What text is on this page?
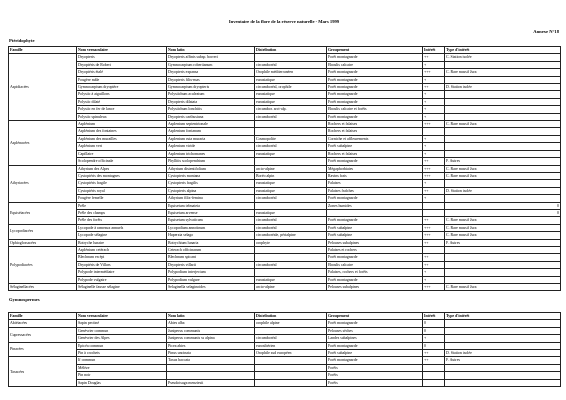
Inventaire de la flore de la réserve naturelle - Mars 1999
Annexe N°18
Ptéridophyte
Famille	Nom vernaculaire	Nom latin	Distribution	Groupement	Intérêt	Type d'intérêt
Aspidiacées	Dryopteris	Dryopteris affinis subsp. borreri		Forêt montagnarde	++	C. Station isolée
	Dryoptéris de Robert	Gymnocarpium robertianum	circumboréal	Eboulis calcaire	+	
	Dryoptéris étalé	Dryopteris expansa	Orophile méditerranéen	Forêt montagnarde	+++	C. Rare massif Jura
	Fougère mâle	Dryopteris filix-mas	eurasiatique	Forêt montagnarde	+	
	Gymnocarpium dryoptère	Gymnocarpium dryopteris	circumboréal, orophile	Forêt montagnarde	++	D. Station isolée
	Polystic à aiguillons	Polystichum aculeatum	eurasiatique	Forêt montagnarde	+	
	Polystic dilaté	Dryopteris dilatata	eurasiatique	Forêt montagnarde	+	
	Polystic en fer de lance	Polystichum lonchitis	circumbor. arct-alp.	Eboulis calcaire et forêts	+	
	Polystic spinuleux	Dryopteris carthusiana	circumboréal	Forêt montagnarde	+	
Asplénacées	Asplénium	Asplenium septentrionale		Rochers et falaises	+++	C. Rare massif Jura
	Asplénium des fontaines	Asplenium fontanum		Rochers et falaises		
	Asplénium des murailles	Asplenium ruta muraria	Cosmopolite	Corniche et affleurements	+	
	Asplénium vert	Asplenium viride	circumboréal	Forêt subalpine	+	
	Capillaire	Asplenium trichomanes	eurasiatique	Rochers et falaises	+	
	Scolopendre officinale	Phyllitis scolopendrium		Forêt montagnarde	++	F. Autres
Athyriacées	Athyrium des Alpes	Athyrium distentifolium	arcto-alpine	Mégaphorbiaies	+++	C. Rare massif Jura
	Cystoptéris des montagnes	Cystopteris montana	Boréo alpin	Ravins frais	+++	C. Rare massif Jura
	Cystoptéris fragile	Cystopteris fragilis	eurasiatique	Falaises	+	
	Cystoptéris royal	Cystopteris alpina	eurasiatique	Falaises fraîches	++	D. Station isolée
	Fougère femelle	Athyrium filix-femina	circumboréal	Forêt montagnarde	+	
Equisétacées	Prêle	Equisetum telmateia		Zones humides		0
	Prêle des champs	Equisetum arvense	eurasiatique			0
	Prêle des forêts	Equisetum sylvaticum	circumboréal	Forêt montagnarde	++	C. Rare massif Jura
Lycopodiacées	Lycopode à rameaux annuels	Lycopodium annotinum	circumboréal	Forêt subalpine	+++	C. Rare massif Jura
	Lycopode sélagine	Huperzia selago	circumboréale, périalpine	Forêt subalpine	+++	C. Rare massif Jura
Ophioglossacées	Botryche lunaire	Botrychium lunaria	orophyte	Pelouses subalpines	++	F. Autres
Polypodiacées	Asplénium cetérach	Ceterach officinarum		Falaises et rochers		
	Blechnum en épi	Blechnum spicant		Forêt montagnarde	++	
	Dryoptéris de Villars	Dryopteris villarii	circumboréal	Eboulis calcaire	++	
	Polypode intermédiaire	Polypodium interjectum		Falaises, rochers et forêts	+	
	Polypode vulgaire	Polypodium vulgare	eurasiatique	Forêt montagnarde	+	
Sélaginellacées	Sélaginelle fausse sélagine	Selaginella selaginoides	arcto-alpine	Pelouses subalpines	+++	C. Rare massif Jura
Gymnospermes
Famille	Nom vernaculaire	Nom latin	Distribution	Groupement	Intérêt	Type d'intérêt
Abiétacées	Sapin pectiné	Abies alba	orophile alpine	Forêt montagnarde	0	
Cupressacées	Genévrier commun	Juniperus communis		Pelouses sèches	0	
	Genévrier des Alpes	Juniperus communis ss alpina	circumboréal	Landes subalpines	+	
Pinacées	Epicéa commun	Picea abies	eurosibérien	Forêt montagnarde	0	
	Pin à crochets	Pinus uncinata	Orophile sud européen	Forêt subalpine	++	D. Station isolée
Taxacées	If commun	Taxus baccata		Forêt montagnarde	++	F. Autres
	Mélèze			Forêts		
	Pin noir			Forêts		
	Sapin Douglas	Pseudotsuga menziesii		Forêts		
